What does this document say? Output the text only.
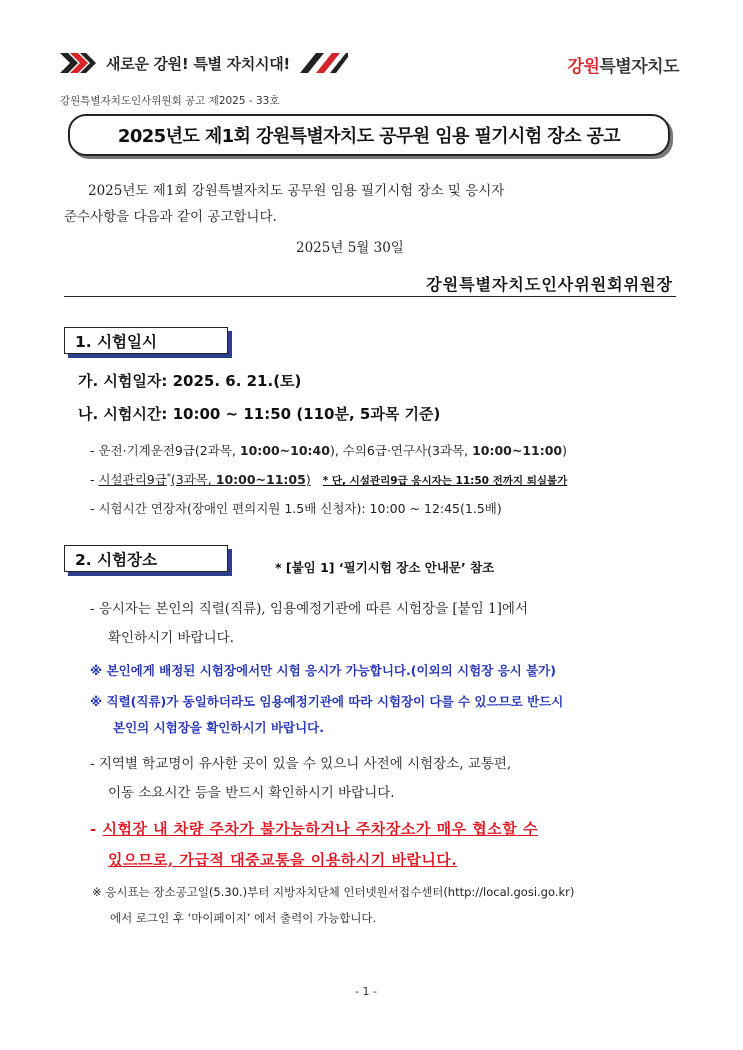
새로운 강원! 특별 자치시대!	강원특별자치도
강원특별자치도인사위원회 공고 제2025 - 33호
2025년도 제1회 강원특별자치도 공무원 임용 필기시험 장소 공고
2025년도 제1회 강원특별자치도 공무원 임용 필기시험 장소 및 응시자
준수사항을 다음과 같이 공고합니다.
2025년 5월 30일
강원특별자치도인사위원회위원장
1. 시험일시
가. 시험일자: 2025. 6. 21.(토)
나. 시험시간: 10:00 ~ 11:50 (110분, 5과목 기준)
- 운전·기계운전9급(2과목, 10:00~10:40), 수의6급·연구사(3과목, 10:00~11:00)
- 시설관리9급*(3과목, 10:00~11:05) * 단, 시설관리9급 응시자는 11:50 전까지 퇴실불가
- 시험시간 연장자(장애인 편의지원 1.5배 신청자): 10:00 ~ 12:45(1.5배)
2. 시험장소	* [붙임 1] ‘필기시험 장소 안내문’ 참조
- 응시자는 본인의 직렬(직류), 임용예정기관에 따른 시험장을 [붙임 1]에서
확인하시기 바랍니다.
※ 본인에게 배정된 시험장에서만 시험 응시가 가능합니다.(이외의 시험장 응시 불가)
※ 직렬(직류)가 동일하더라도 임용예정기관에 따라 시험장이 다를 수 있으므로 반드시
본인의 시험장을 확인하시기 바랍니다.
- 지역별 학교명이 유사한 곳이 있을 수 있으니 사전에 시험장소, 교통편,
이동 소요시간 등을 반드시 확인하시기 바랍니다.
- 시험장 내 차량 주차가 불가능하거나 주차장소가 매우 협소할 수
있으므로, 가급적 대중교통을 이용하시기 바랍니다.
※ 응시표는 장소공고일(5.30.)부터 지방자치단체 인터넷원서접수센터(http://local.gosi.go.kr)
에서 로그인 후 ‘마이페이지’ 에서 출력이 가능합니다.
- 1 -
